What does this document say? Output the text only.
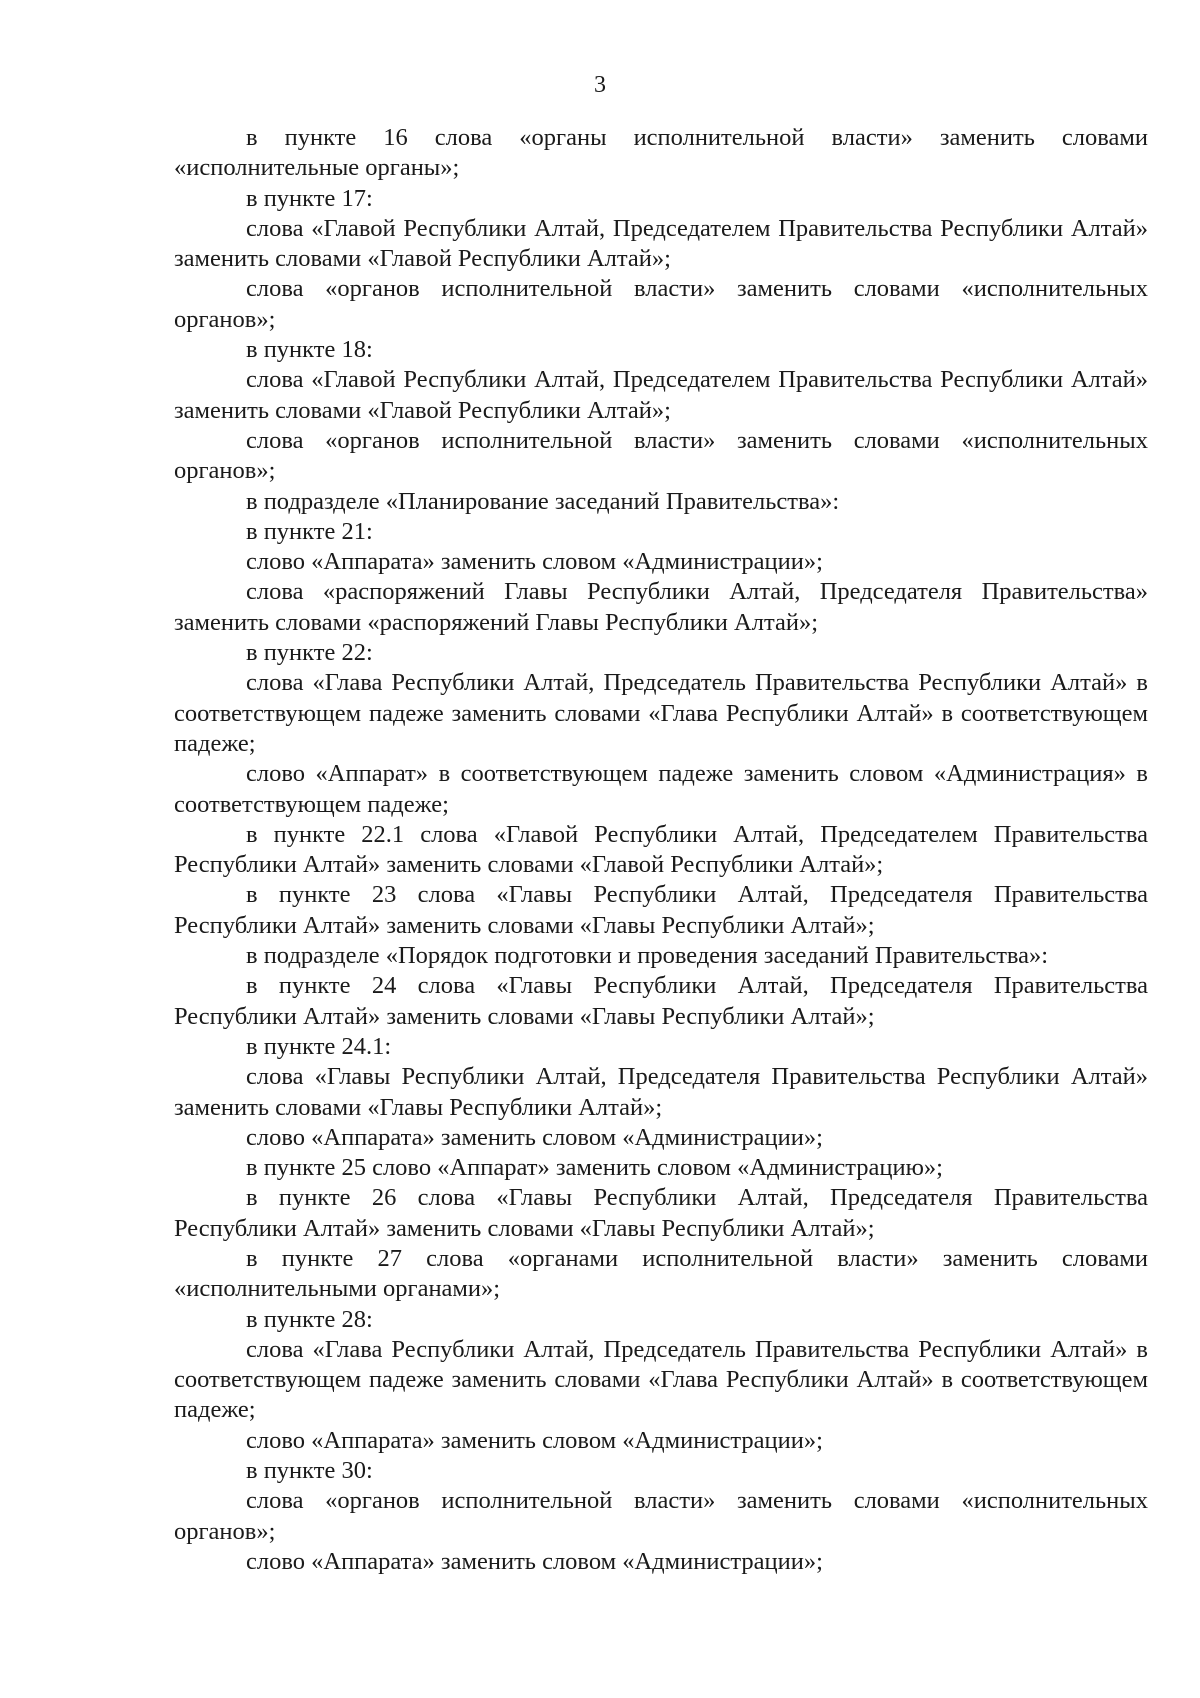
3

в пункте 16 слова «органы исполнительной власти» заменить словами «исполнительные органы»;

в пункте 17:

слова «Главой Республики Алтай, Председателем Правительства Республики Алтай» заменить словами «Главой Республики Алтай»;

слова «органов исполнительной власти» заменить словами «исполнительных органов»;

в пункте 18:

слова «Главой Республики Алтай, Председателем Правительства Республики Алтай» заменить словами «Главой Республики Алтай»;

слова «органов исполнительной власти» заменить словами «исполнительных органов»;

в подразделе «Планирование заседаний Правительства»:

в пункте 21:

слово «Аппарата» заменить словом «Администрации»;

слова «распоряжений Главы Республики Алтай, Председателя Правительства» заменить словами «распоряжений Главы Республики Алтай»;

в пункте 22:

слова «Глава Республики Алтай, Председатель Правительства Республики Алтай» в соответствующем падеже заменить словами «Глава Республики Алтай» в соответствующем падеже;

слово «Аппарат» в соответствующем падеже заменить словом «Администрация» в соответствующем падеже;

в пункте 22.1 слова «Главой Республики Алтай, Председателем Правительства Республики Алтай» заменить словами «Главой Республики Алтай»;

в пункте 23 слова «Главы Республики Алтай, Председателя Правительства Республики Алтай» заменить словами «Главы Республики Алтай»;

в подразделе «Порядок подготовки и проведения заседаний Правительства»:

в пункте 24 слова «Главы Республики Алтай, Председателя Правительства Республики Алтай» заменить словами «Главы Республики Алтай»;

в пункте 24.1:

слова «Главы Республики Алтай, Председателя Правительства Республики Алтай» заменить словами «Главы Республики Алтай»;

слово «Аппарата» заменить словом «Администрации»;

в пункте 25 слово «Аппарат» заменить словом «Администрацию»;

в пункте 26 слова «Главы Республики Алтай, Председателя Правительства Республики Алтай» заменить словами «Главы Республики Алтай»;

в пункте 27 слова «органами исполнительной власти» заменить словами «исполнительными органами»;

в пункте 28:

слова «Глава Республики Алтай, Председатель Правительства Республики Алтай» в соответствующем падеже заменить словами «Глава Республики Алтай» в соответствующем падеже;

слово «Аппарата» заменить словом «Администрации»;

в пункте 30:

слова «органов исполнительной власти» заменить словами «исполнительных органов»;

слово «Аппарата» заменить словом «Администрации»;
